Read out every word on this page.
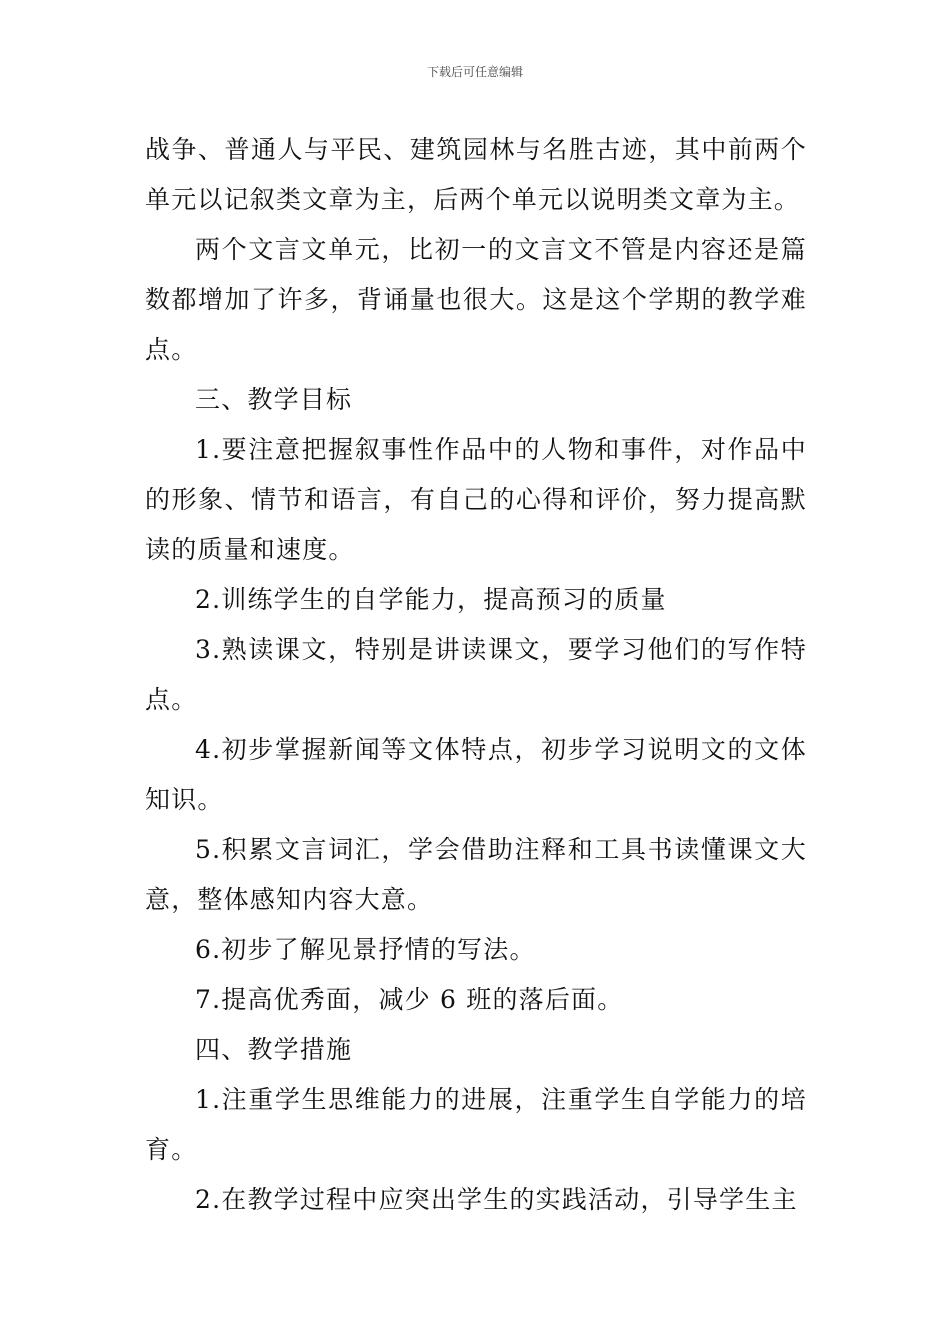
下载后可任意编辑

战争、普通人与平民、建筑园林与名胜古迹，其中前两个单元以记叙类文章为主，后两个单元以说明类文章为主。

两个文言文单元，比初一的文言文不管是内容还是篇数都增加了许多，背诵量也很大。这是这个学期的教学难点。

三、教学目标

1.要注意把握叙事性作品中的人物和事件，对作品中的形象、情节和语言，有自己的心得和评价，努力提高默读的质量和速度。

2.训练学生的自学能力，提高预习的质量

3.熟读课文，特别是讲读课文，要学习他们的写作特点。

4.初步掌握新闻等文体特点，初步学习说明文的文体知识。

5.积累文言词汇，学会借助注释和工具书读懂课文大意，整体感知内容大意。

6.初步了解见景抒情的写法。

7.提高优秀面，减少 6 班的落后面。

四、教学措施

1.注重学生思维能力的进展，注重学生自学能力的培育。

2.在教学过程中应突出学生的实践活动，引导学生主
